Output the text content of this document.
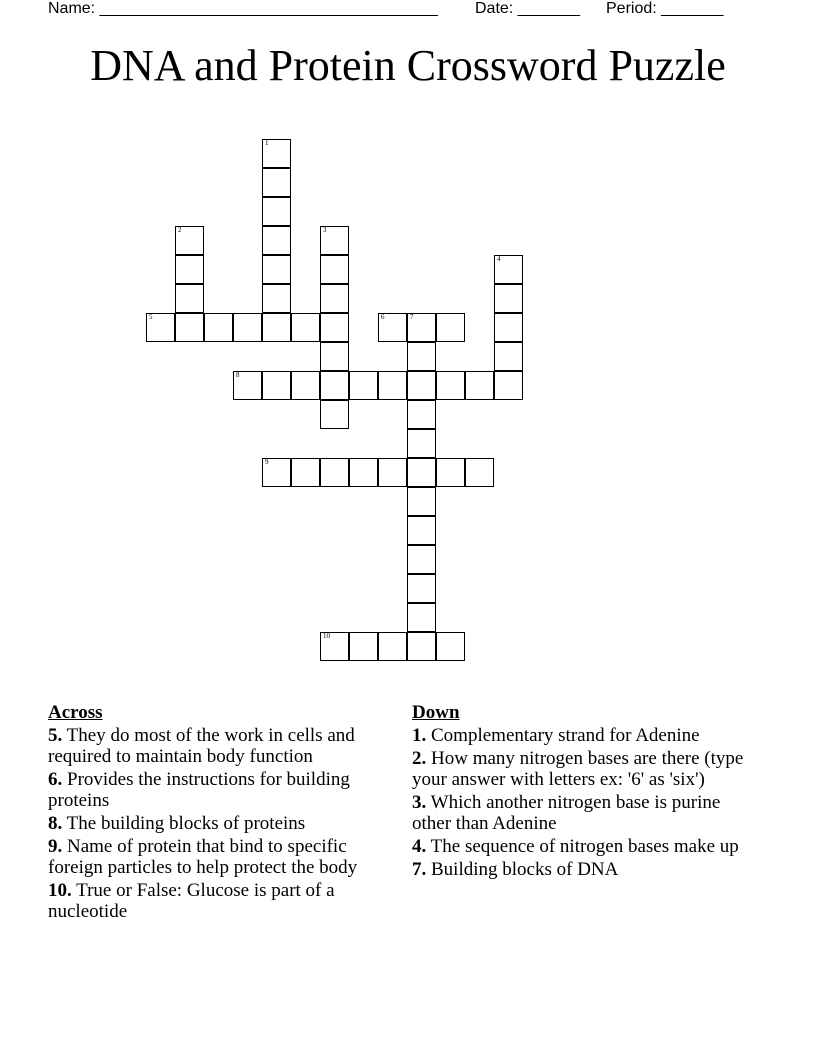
Name: ______________________________________ Date: _______ Period: _______
DNA and Protein Crossword Puzzle
1
2	3
4
5	6	7
8
9
10
Across
5. They do most of the work in cells and required to maintain body function
6. Provides the instructions for building proteins
8. The building blocks of proteins
9. Name of protein that bind to specific foreign particles to help protect the body
10. True or False: Glucose is part of a nucleotide
Down
1. Complementary strand for Adenine
2. How many nitrogen bases are there (type your answer with letters ex: '6' as 'six')
3. Which another nitrogen base is purine other than Adenine
4. The sequence of nitrogen bases make up
7. Building blocks of DNA
